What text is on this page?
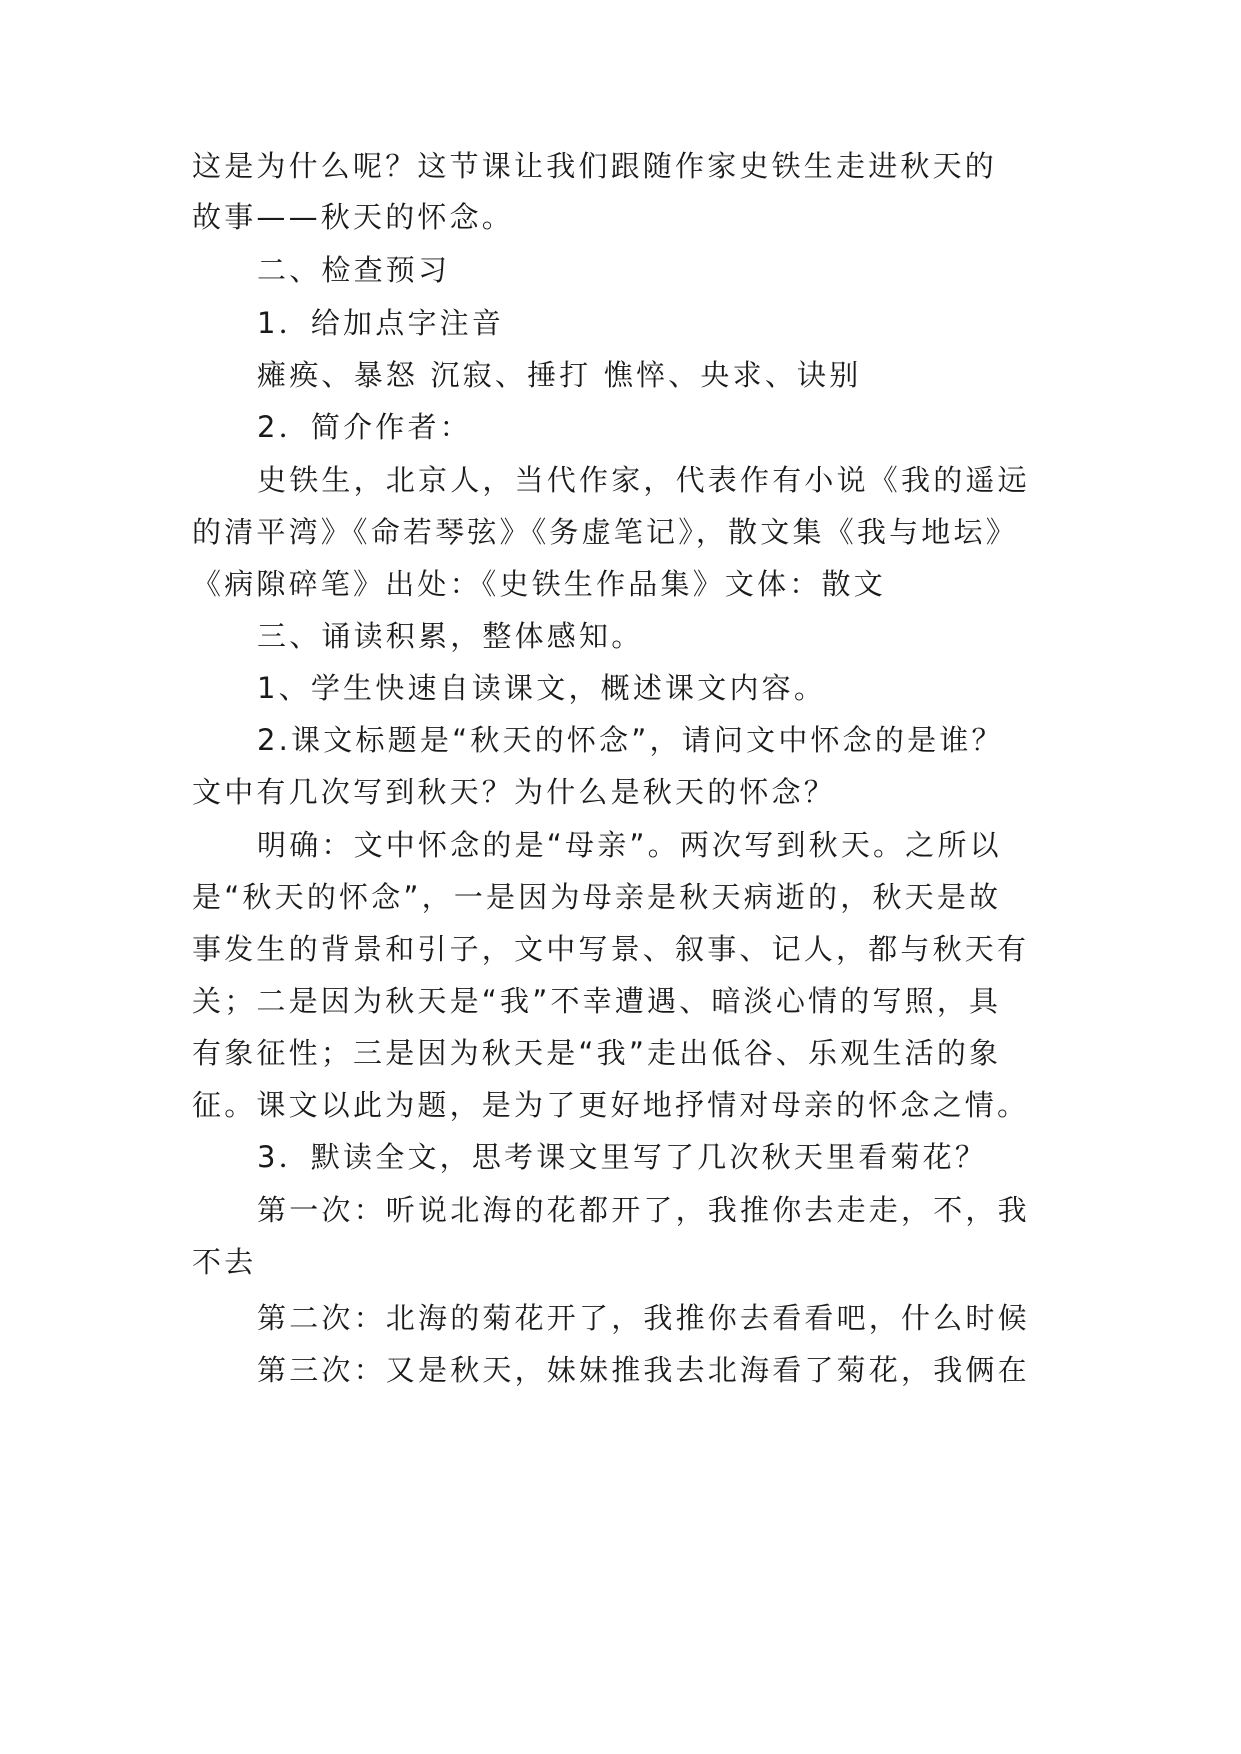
这是为什么呢？这节课让我们跟随作家史铁生走进秋天的
故事——秋天的怀念。
二、检查预习
1．给加点字注音
瘫痪、暴怒 沉寂、捶打 憔悴、央求、诀别
2．简介作者：
史铁生，北京人，当代作家，代表作有小说《我的遥远
的清平湾》《命若琴弦》《务虚笔记》，散文集《我与地坛》
《病隙碎笔》出处：《史铁生作品集》文体：散文
三、诵读积累，整体感知。
1、学生快速自读课文，概述课文内容。
2.课文标题是“秋天的怀念”，请问文中怀念的是谁？
文中有几次写到秋天？为什么是秋天的怀念？
明确：文中怀念的是“母亲”。两次写到秋天。之所以
是“秋天的怀念”，一是因为母亲是秋天病逝的，秋天是故
事发生的背景和引子，文中写景、叙事、记人，都与秋天有
关；二是因为秋天是“我”不幸遭遇、暗淡心情的写照，具
有象征性；三是因为秋天是“我”走出低谷、乐观生活的象
征。课文以此为题，是为了更好地抒情对母亲的怀念之情。
3．默读全文，思考课文里写了几次秋天里看菊花？
第一次：听说北海的花都开了，我推你去走走，不，我
不去
第二次：北海的菊花开了，我推你去看看吧，什么时候
第三次：又是秋天，妹妹推我去北海看了菊花，我俩在
